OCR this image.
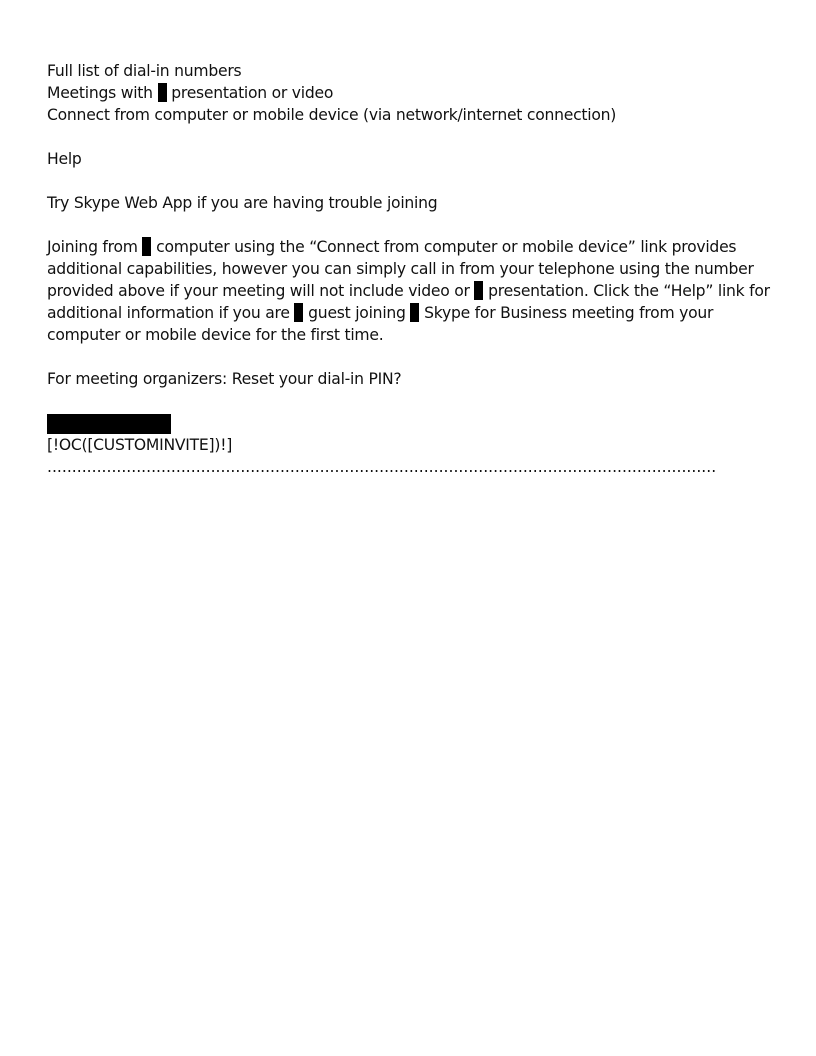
Full list of dial-in numbers
Meetings with presentation or video
Connect from computer or mobile device (via network/internet connection)
Help
Try Skype Web App if you are having trouble joining
Joining from computer using the “Connect from computer or mobile device” link provides additional capabilities, however you can simply call in from your telephone using the number provided above if your meeting will not include video or presentation. Click the “Help” link for additional information if you are guest joining Skype for Business meeting from your computer or mobile device for the first time.
For meeting organizers: Reset your dial-in PIN?
[!OC([CUSTOMINVITE])!]
.......................................................................................................................................
